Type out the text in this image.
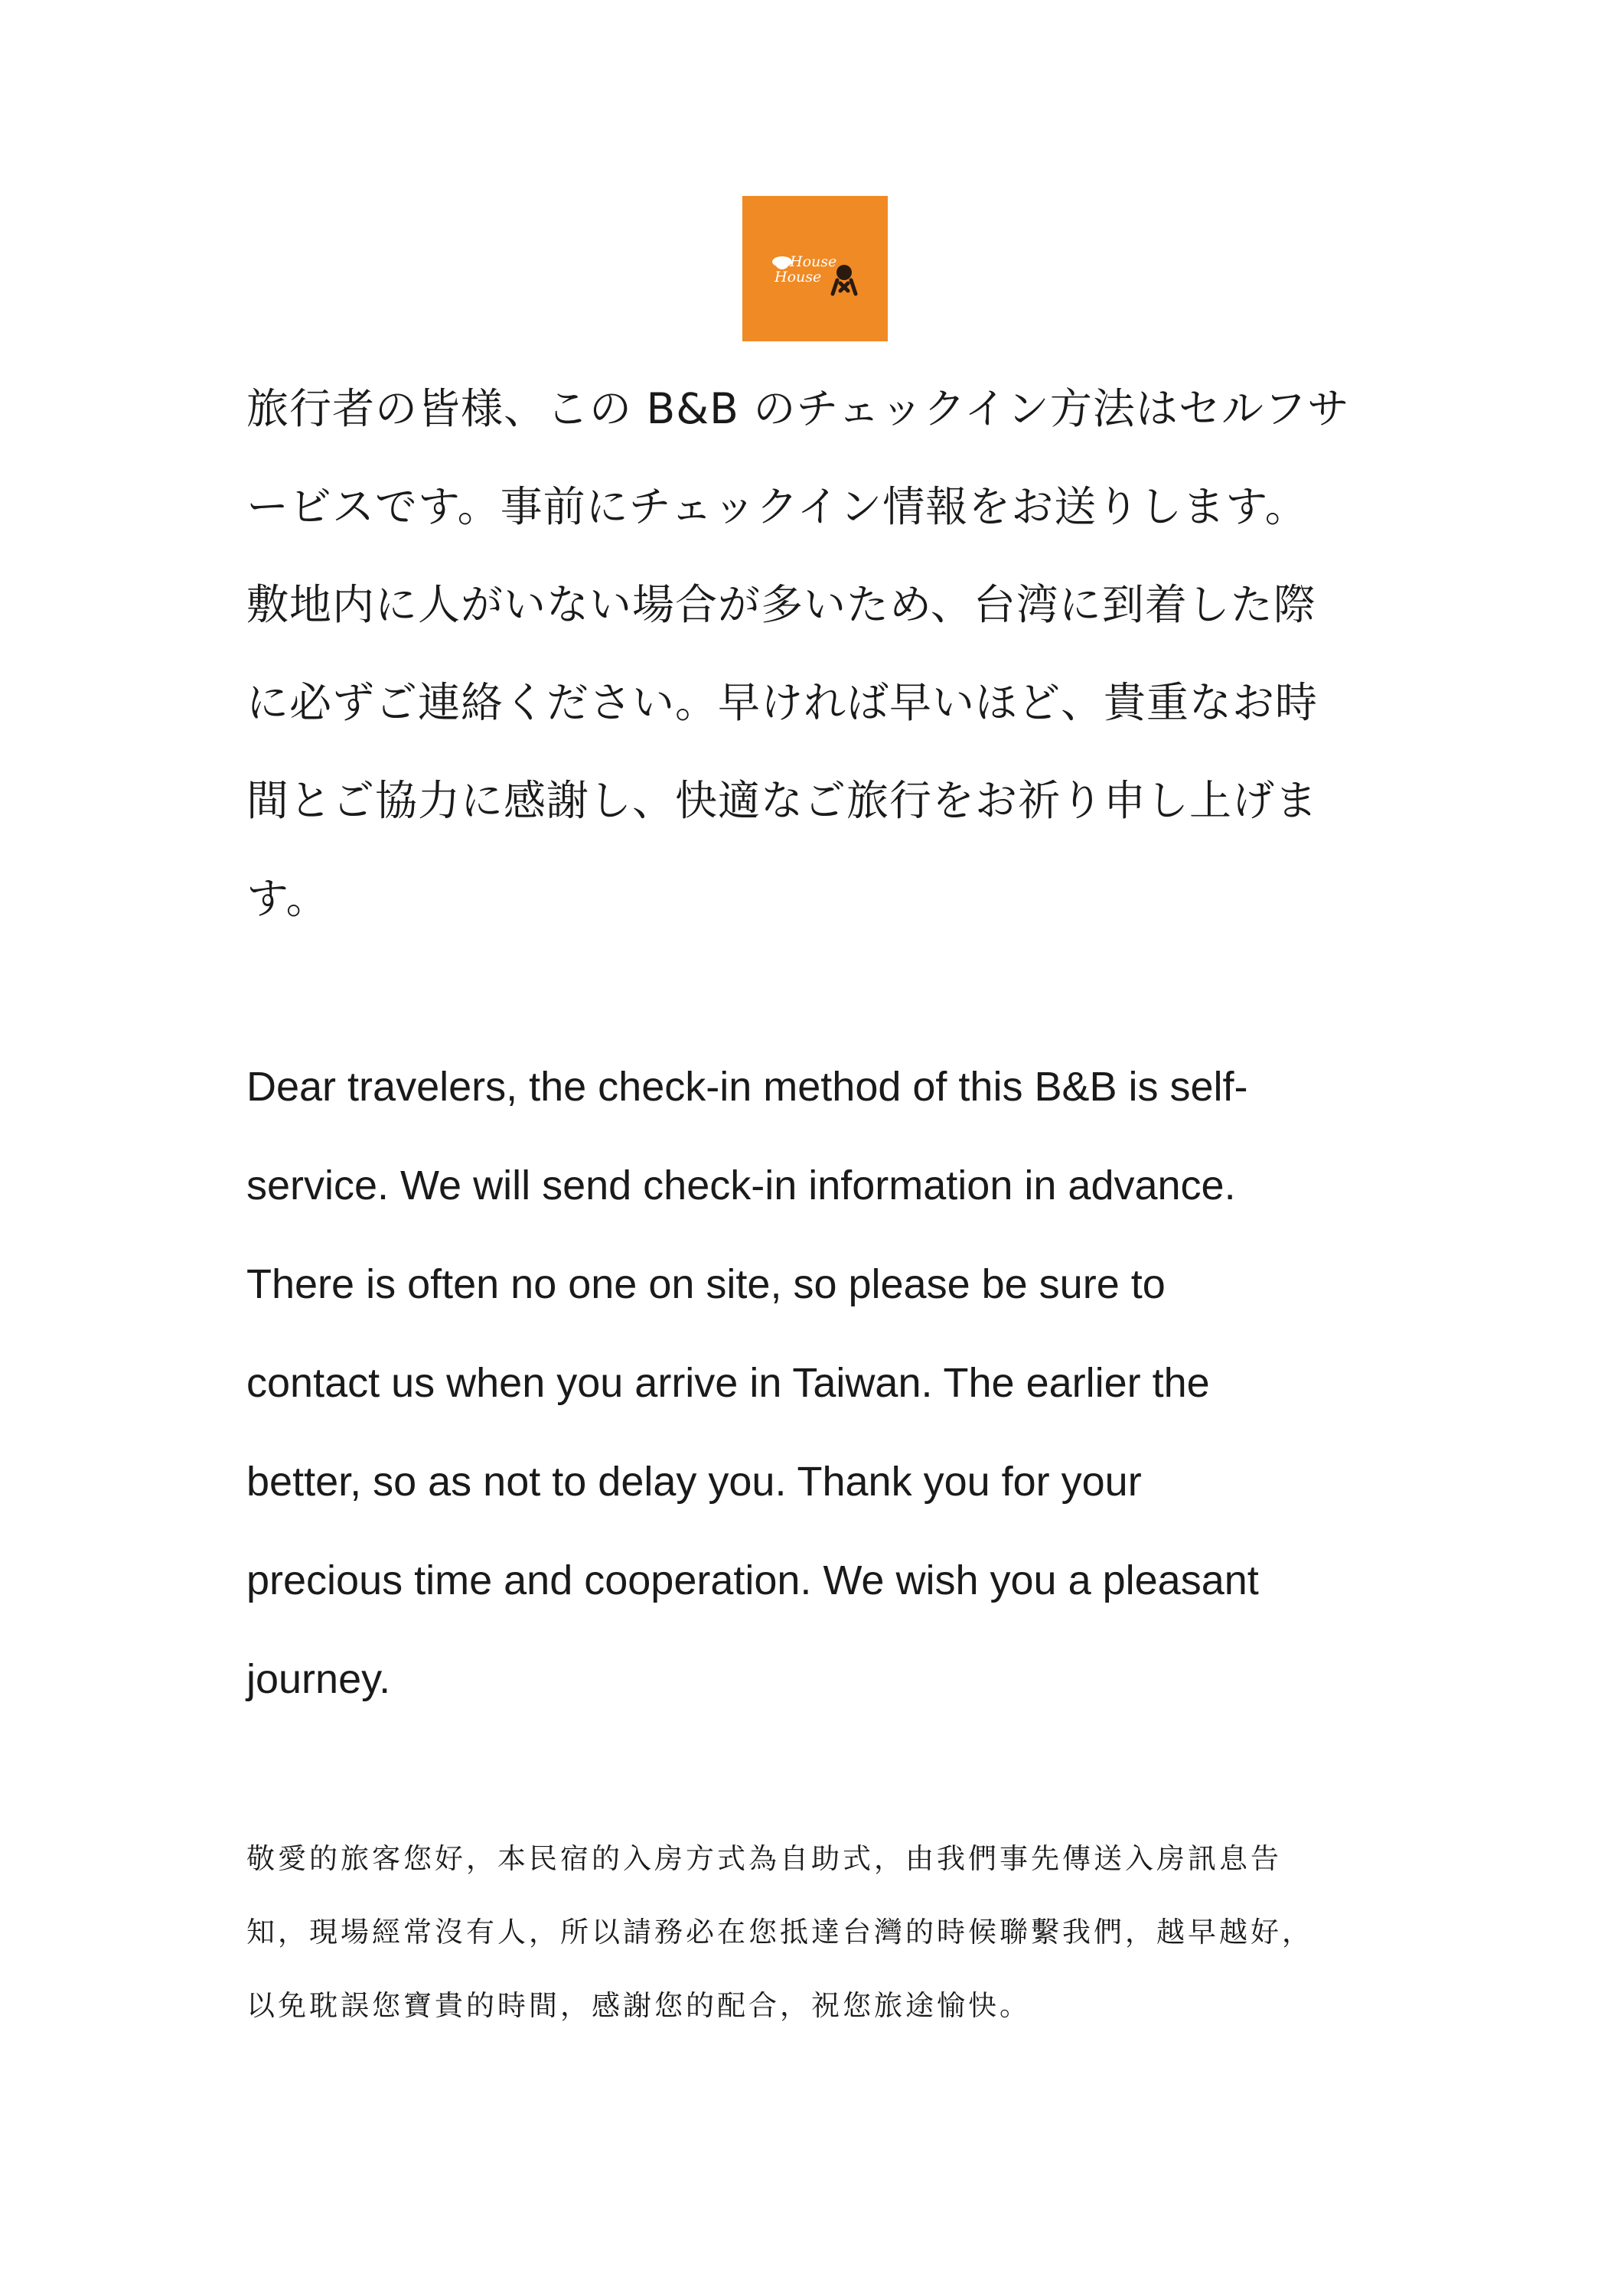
House
House

旅行者の皆様、この B&B のチェックイン方法はセルフサ
ービスです。事前にチェックイン情報をお送りします。
敷地内に人がいない場合が多いため、台湾に到着した際
に必ずご連絡ください。早ければ早いほど、貴重なお時
間とご協力に感謝し、快適なご旅行をお祈り申し上げま
す。

Dear travelers, the check-in method of this B&B is self-
service. We will send check-in information in advance.
There is often no one on site, so please be sure to
contact us when you arrive in Taiwan. The earlier the
better, so as not to delay you. Thank you for your
precious time and cooperation. We wish you a pleasant
journey.

敬愛的旅客您好，本民宿的入房方式為自助式，由我們事先傳送入房訊息告
知，現場經常沒有人，所以請務必在您抵達台灣的時候聯繫我們，越早越好，
以免耽誤您寶貴的時間，感謝您的配合，祝您旅途愉快。
